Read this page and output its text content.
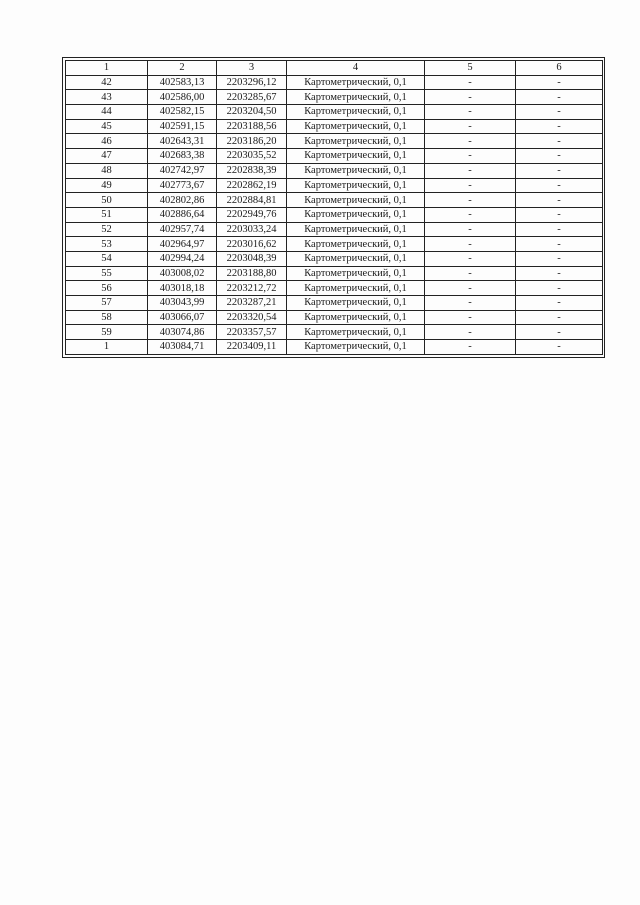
1	2	3	4	5	6
42	402583,13	2203296,12	Картометрический, 0,1	-	-
43	402586,00	2203285,67	Картометрический, 0,1	-	-
44	402582,15	2203204,50	Картометрический, 0,1	-	-
45	402591,15	2203188,56	Картометрический, 0,1	-	-
46	402643,31	2203186,20	Картометрический, 0,1	-	-
47	402683,38	2203035,52	Картометрический, 0,1	-	-
48	402742,97	2202838,39	Картометрический, 0,1	-	-
49	402773,67	2202862,19	Картометрический, 0,1	-	-
50	402802,86	2202884,81	Картометрический, 0,1	-	-
51	402886,64	2202949,76	Картометрический, 0,1	-	-
52	402957,74	2203033,24	Картометрический, 0,1	-	-
53	402964,97	2203016,62	Картометрический, 0,1	-	-
54	402994,24	2203048,39	Картометрический, 0,1	-	-
55	403008,02	2203188,80	Картометрический, 0,1	-	-
56	403018,18	2203212,72	Картометрический, 0,1	-	-
57	403043,99	2203287,21	Картометрический, 0,1	-	-
58	403066,07	2203320,54	Картометрический, 0,1	-	-
59	403074,86	2203357,57	Картометрический, 0,1	-	-
1	403084,71	2203409,11	Картометрический, 0,1	-	-
